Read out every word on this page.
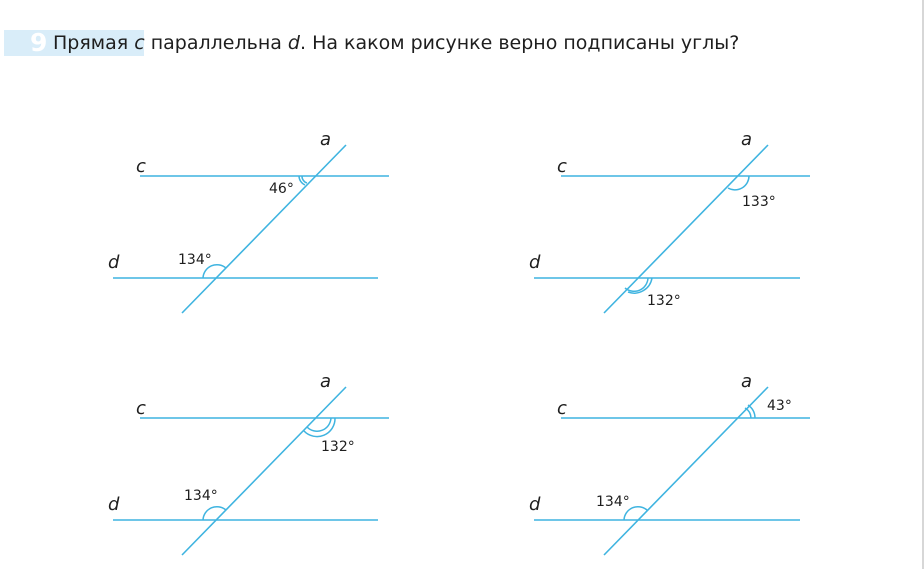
9 Прямая c параллельна d. На каком рисунке верно подписаны углы?
a
c
d
46°
134°
a
c
d
133°
132°
a
c
d
132°
134°
a
c
d
43°
134°
